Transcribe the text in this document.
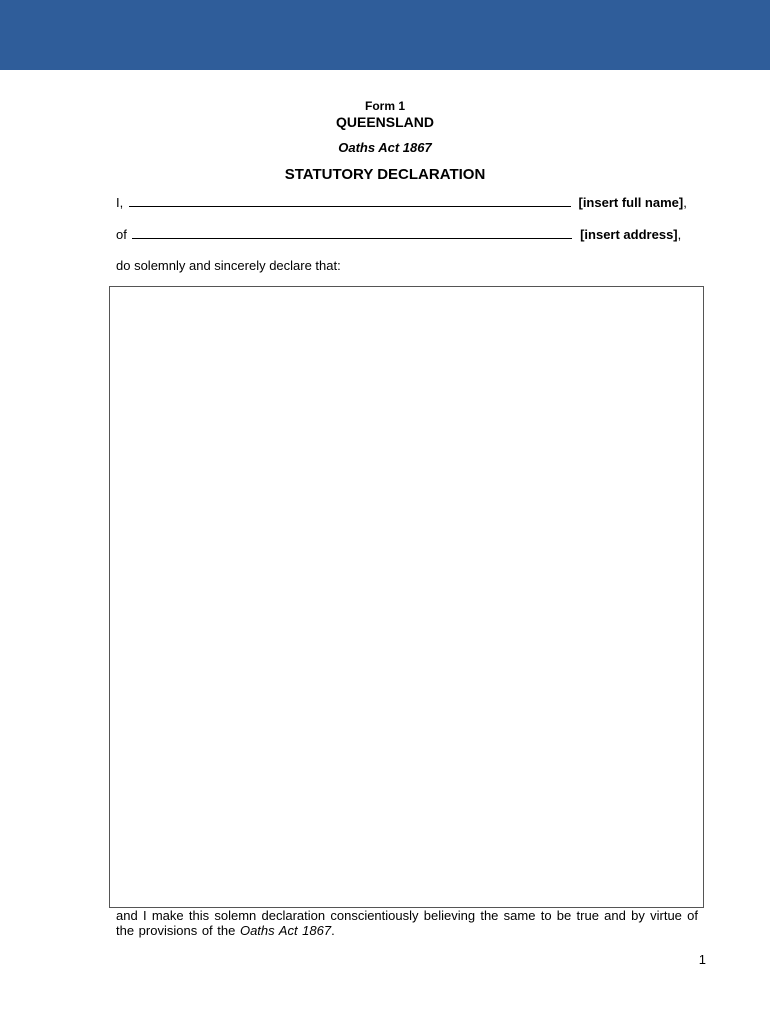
Form 1
QUEENSLAND
Oaths Act 1867
STATUTORY DECLARATION
I,	[insert full name],
of	[insert address],
do solemnly and sincerely declare that:
and I make this solemn declaration conscientiously believing the same to be true and by virtue of the provisions of the Oaths Act 1867.
1
